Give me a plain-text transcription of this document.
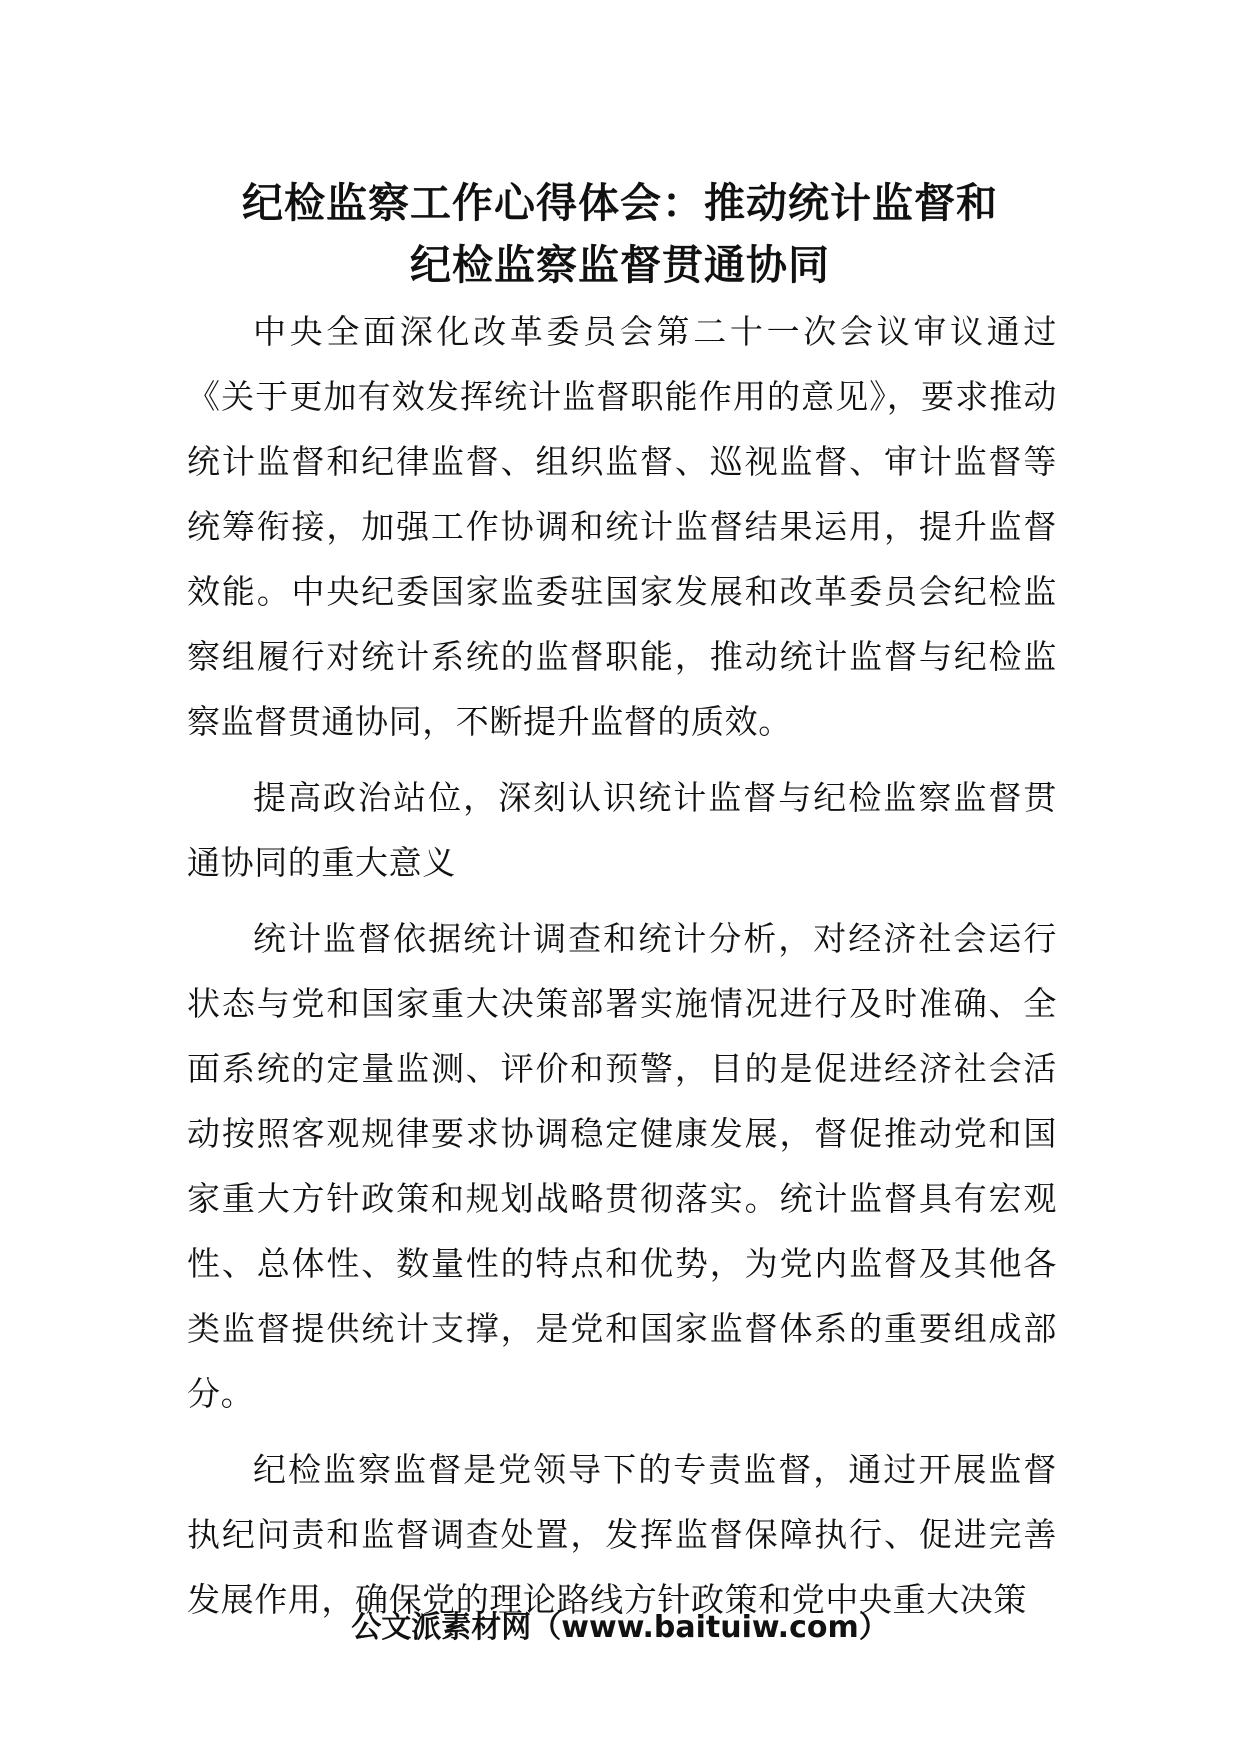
纪检监察工作心得体会：推动统计监督和
纪检监察监督贯通协同

中央全面深化改革委员会第二十一次会议审议通过《关于更加有效发挥统计监督职能作用的意见》，要求推动统计监督和纪律监督、组织监督、巡视监督、审计监督等统筹衔接，加强工作协调和统计监督结果运用，提升监督效能。中央纪委国家监委驻国家发展和改革委员会纪检监察组履行对统计系统的监督职能，推动统计监督与纪检监察监督贯通协同，不断提升监督的质效。

提高政治站位，深刻认识统计监督与纪检监察监督贯通协同的重大意义

统计监督依据统计调查和统计分析，对经济社会运行状态与党和国家重大决策部署实施情况进行及时准确、全面系统的定量监测、评价和预警，目的是促进经济社会活动按照客观规律要求协调稳定健康发展，督促推动党和国家重大方针政策和规划战略贯彻落实。统计监督具有宏观性、总体性、数量性的特点和优势，为党内监督及其他各类监督提供统计支撑，是党和国家监督体系的重要组成部分。

纪检监察监督是党领导下的专责监督，通过开展监督执纪问责和监督调查处置，发挥监督保障执行、促进完善发展作用，确保党的理论路线方针政策和党中央重大决策

公文派素材网（www.baituiw.com）
